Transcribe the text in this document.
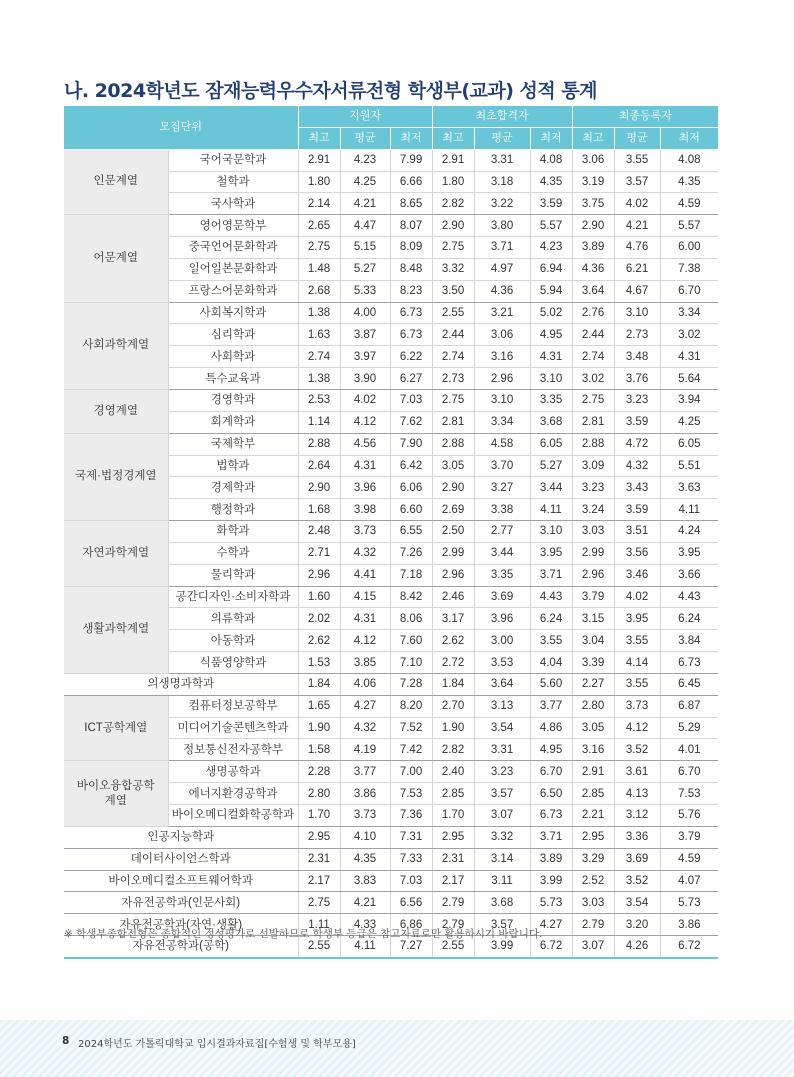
나. 2024학년도 잠재능력우수자서류전형 학생부(교과) 성적 통계
모집단위		지원자			최초합격자			최종등록자		
		최고	평균	최저	최고	평균	최저	최고	평균	최저
인문계열	국어국문학과	2.91	4.23	7.99	2.91	3.31	4.08	3.06	3.55	4.08
	철학과	1.80	4.25	6.66	1.80	3.18	4.35	3.19	3.57	4.35
	국사학과	2.14	4.21	8.65	2.82	3.22	3.59	3.75	4.02	4.59
어문계열	영어영문학부	2.65	4.47	8.07	2.90	3.80	5.57	2.90	4.21	5.57
	중국언어문화학과	2.75	5.15	8.09	2.75	3.71	4.23	3.89	4.76	6.00
	일어일본문화학과	1.48	5.27	8.48	3.32	4.97	6.94	4.36	6.21	7.38
	프랑스어문화학과	2.68	5.33	8.23	3.50	4.36	5.94	3.64	4.67	6.70
사회과학계열	사회복지학과	1.38	4.00	6.73	2.55	3.21	5.02	2.76	3.10	3.34
	심리학과	1.63	3.87	6.73	2.44	3.06	4.95	2.44	2.73	3.02
	사회학과	2.74	3.97	6.22	2.74	3.16	4.31	2.74	3.48	4.31
	특수교육과	1.38	3.90	6.27	2.73	2.96	3.10	3.02	3.76	5.64
경영계열	경영학과	2.53	4.02	7.03	2.75	3.10	3.35	2.75	3.23	3.94
	회계학과	1.14	4.12	7.62	2.81	3.34	3.68	2.81	3.59	4.25
국제·법정경계열	국제학부	2.88	4.56	7.90	2.88	4.58	6.05	2.88	4.72	6.05
	법학과	2.64	4.31	6.42	3.05	3.70	5.27	3.09	4.32	5.51
	경제학과	2.90	3.96	6.06	2.90	3.27	3.44	3.23	3.43	3.63
	행정학과	1.68	3.98	6.60	2.69	3.38	4.11	3.24	3.59	4.11
자연과학계열	화학과	2.48	3.73	6.55	2.50	2.77	3.10	3.03	3.51	4.24
	수학과	2.71	4.32	7.26	2.99	3.44	3.95	2.99	3.56	3.95
	물리학과	2.96	4.41	7.18	2.96	3.35	3.71	2.96	3.46	3.66
생활과학계열	공간디자인·소비자학과	1.60	4.15	8.42	2.46	3.69	4.43	3.79	4.02	4.43
	의류학과	2.02	4.31	8.06	3.17	3.96	6.24	3.15	3.95	6.24
	아동학과	2.62	4.12	7.60	2.62	3.00	3.55	3.04	3.55	3.84
	식품영양학과	1.53	3.85	7.10	2.72	3.53	4.04	3.39	4.14	6.73
의생명과학과		1.84	4.06	7.28	1.84	3.64	5.60	2.27	3.55	6.45
ICT공학계열	컴퓨터정보공학부	1.65	4.27	8.20	2.70	3.13	3.77	2.80	3.73	6.87
	미디어기술콘텐츠학과	1.90	4.32	7.52	1.90	3.54	4.86	3.05	4.12	5.29
	정보통신전자공학부	1.58	4.19	7.42	2.82	3.31	4.95	3.16	3.52	4.01

바이오융합공학
계열	생명공학과	2.28	3.77	7.00	2.40	3.23	6.70	2.91	3.61	6.70
	에너지환경공학과	2.80	3.86	7.53	2.85	3.57	6.50	2.85	4.13	7.53
	바이오메디컬화학공학과	1.70	3.73	7.36	1.70	3.07	6.73	2.21	3.12	5.76
인공지능학과		2.95	4.10	7.31	2.95	3.32	3.71	2.95	3.36	3.79
데이터사이언스학과		2.31	4.35	7.33	2.31	3.14	3.89	3.29	3.69	4.59
바이오메디컬소프트웨어학과		2.17	3.83	7.03	2.17	3.11	3.99	2.52	3.52	4.07
자유전공학과(인문사회)		2.75	4.21	6.56	2.79	3.68	5.73	3.03	3.54	5.73
자유전공학과(자연·생활)		1.11	4.33	6.86	2.79	3.57	4.27	2.79	3.20	3.86
자유전공학과(공학)		2.55	4.11	7.27	2.55	3.99	6.72	3.07	4.26	6.72
※ 학생부종합전형은 종합적인 정성평가로 선발하므로 학생부 등급은 참고자료로만 활용하시기 바랍니다.
8 2024학년도 가톨릭대학교 입시결과자료집[수험생 및 학부모용]
